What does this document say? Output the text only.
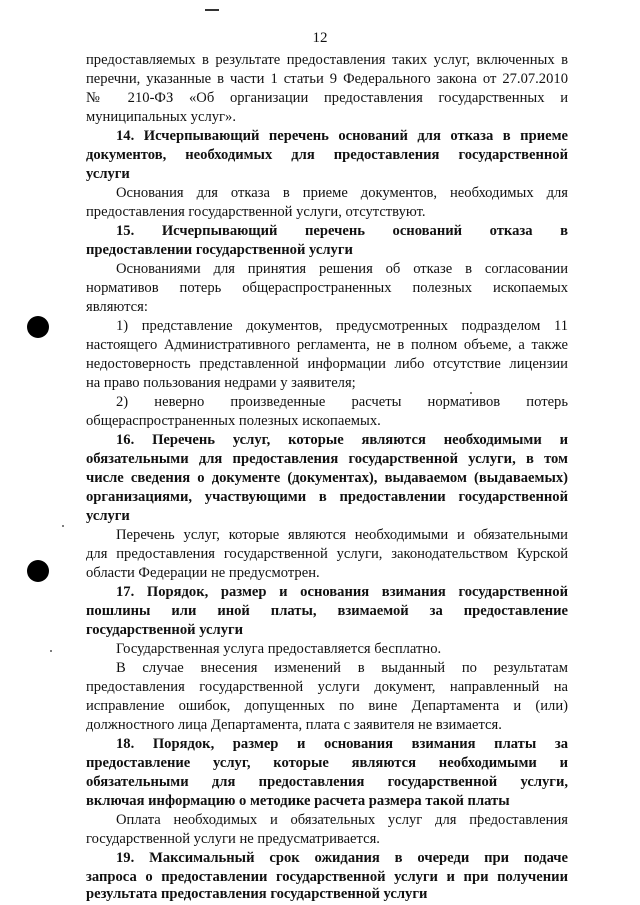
12
предоставляемых в результате предоставления таких услуг, включенных в
перечни, указанные в части 1 статьи 9 Федерального закона от 27.07.2010
№ 210-ФЗ «Об организации предоставления государственных и
муниципальных услуг».
14. Исчерпывающий перечень оснований для отказа в приеме
документов, необходимых для предоставления государственной
услуги
Основания для отказа в приеме документов, необходимых для
предоставления государственной услуги, отсутствуют.
15. Исчерпывающий перечень оснований отказа в
предоставлении государственной услуги
Основаниями для принятия решения об отказе в согласовании
нормативов потерь общераспространенных полезных ископаемых
являются:
1) представление документов, предусмотренных подразделом 11
настоящего Административного регламента, не в полном объеме, а также
недостоверность представленной информации либо отсутствие лицензии
на право пользования недрами у заявителя;
2) неверно произведенные расчеты нормативов потерь
общераспространенных полезных ископаемых.
16. Перечень услуг, которые являются необходимыми и
обязательными для предоставления государственной услуги, в том
числе сведения о документе (документах), выдаваемом (выдаваемых)
организациями, участвующими в предоставлении государственной
услуги
Перечень услуг, которые являются необходимыми и обязательными
для предоставления государственной услуги, законодательством Курской
области Федерации не предусмотрен.
17. Порядок, размер и основания взимания государственной
пошлины или иной платы, взимаемой за предоставление
государственной услуги
Государственная услуга предоставляется бесплатно.
В случае внесения изменений в выданный по результатам
предоставления государственной услуги документ, направленный на
исправление ошибок, допущенных по вине Департамента и (или)
должностного лица Департамента, плата с заявителя не взимается.
18. Порядок, размер и основания взимания платы за
предоставление услуг, которые являются необходимыми и
обязательными для предоставления государственной услуги,
включая информацию о методике расчета размера такой платы
Оплата необходимых и обязательных услуг для предоставления
государственной услуги не предусматривается.
19. Максимальный срок ожидания в очереди при подаче
запроса о предоставлении государственной услуги и при получении
результата предоставления государственной услуги
